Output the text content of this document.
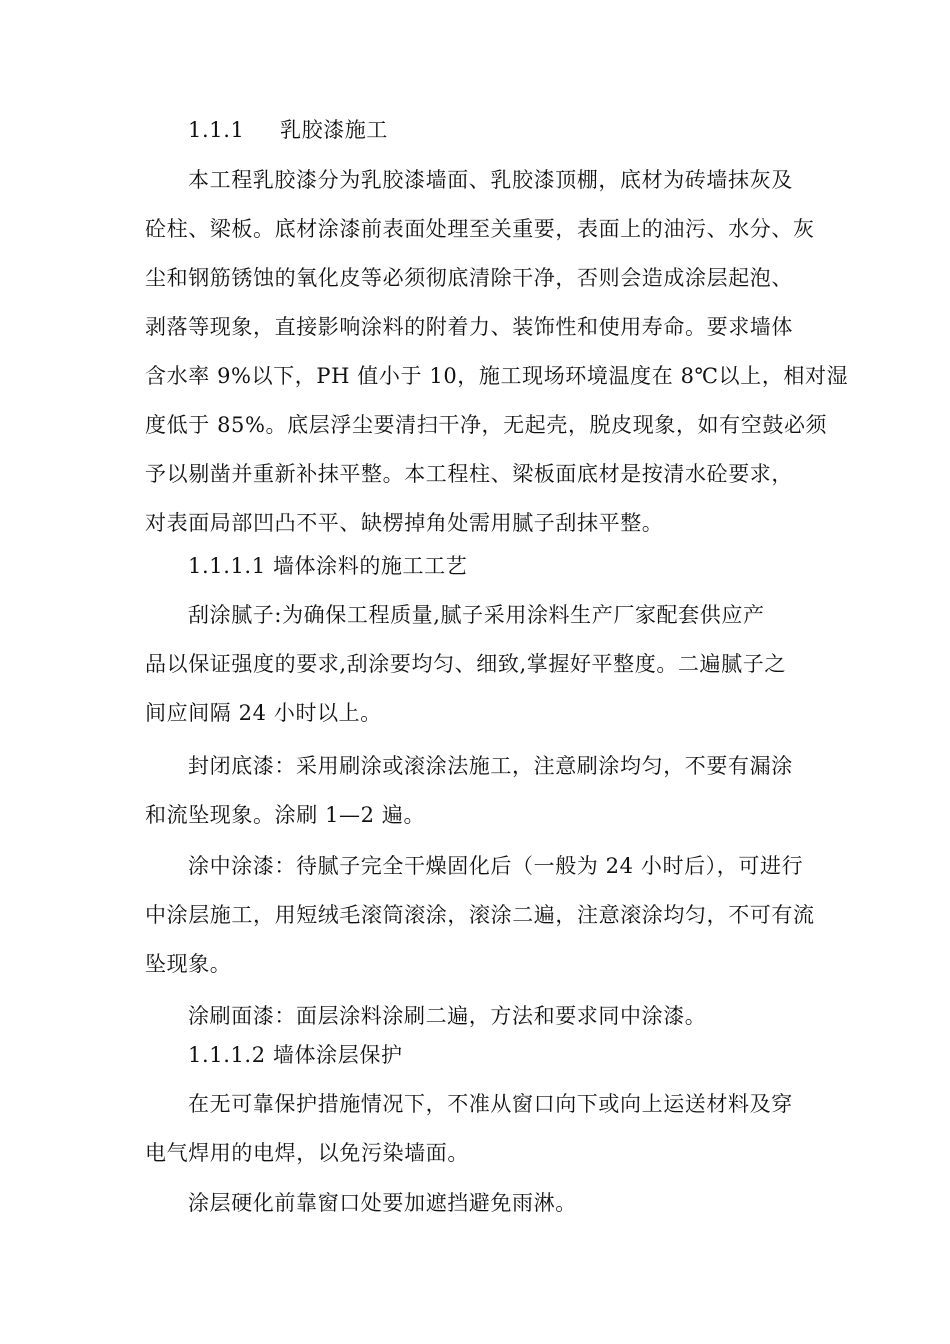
1.1.1 乳胶漆施工
本工程乳胶漆分为乳胶漆墙面、乳胶漆顶棚，底材为砖墙抹灰及
砼柱、梁板。底材涂漆前表面处理至关重要，表面上的油污、水分、灰
尘和钢筋锈蚀的氧化皮等必须彻底清除干净，否则会造成涂层起泡、
剥落等现象，直接影响涂料的附着力、装饰性和使用寿命。要求墙体
含水率 9%以下，PH 值小于 10，施工现场环境温度在 8℃以上，相对湿
度低于 85%。底层浮尘要清扫干净，无起壳，脱皮现象，如有空鼓必须
予以剔凿并重新补抹平整。本工程柱、梁板面底材是按清水砼要求，
对表面局部凹凸不平、缺楞掉角处需用腻子刮抹平整。
1.1.1.1 墙体涂料的施工工艺
刮涂腻子:为确保工程质量,腻子采用涂料生产厂家配套供应产
品以保证强度的要求,刮涂要均匀、细致,掌握好平整度。二遍腻子之
间应间隔 24 小时以上。
封闭底漆：采用刷涂或滚涂法施工，注意刷涂均匀，不要有漏涂
和流坠现象。涂刷 1—2 遍。
涂中涂漆：待腻子完全干燥固化后（一般为 24 小时后），可进行
中涂层施工，用短绒毛滚筒滚涂，滚涂二遍，注意滚涂均匀，不可有流
坠现象。
涂刷面漆：面层涂料涂刷二遍，方法和要求同中涂漆。
1.1.1.2 墙体涂层保护
在无可靠保护措施情况下，不准从窗口向下或向上运送材料及穿
电气焊用的电焊，以免污染墙面。
涂层硬化前靠窗口处要加遮挡避免雨淋。
